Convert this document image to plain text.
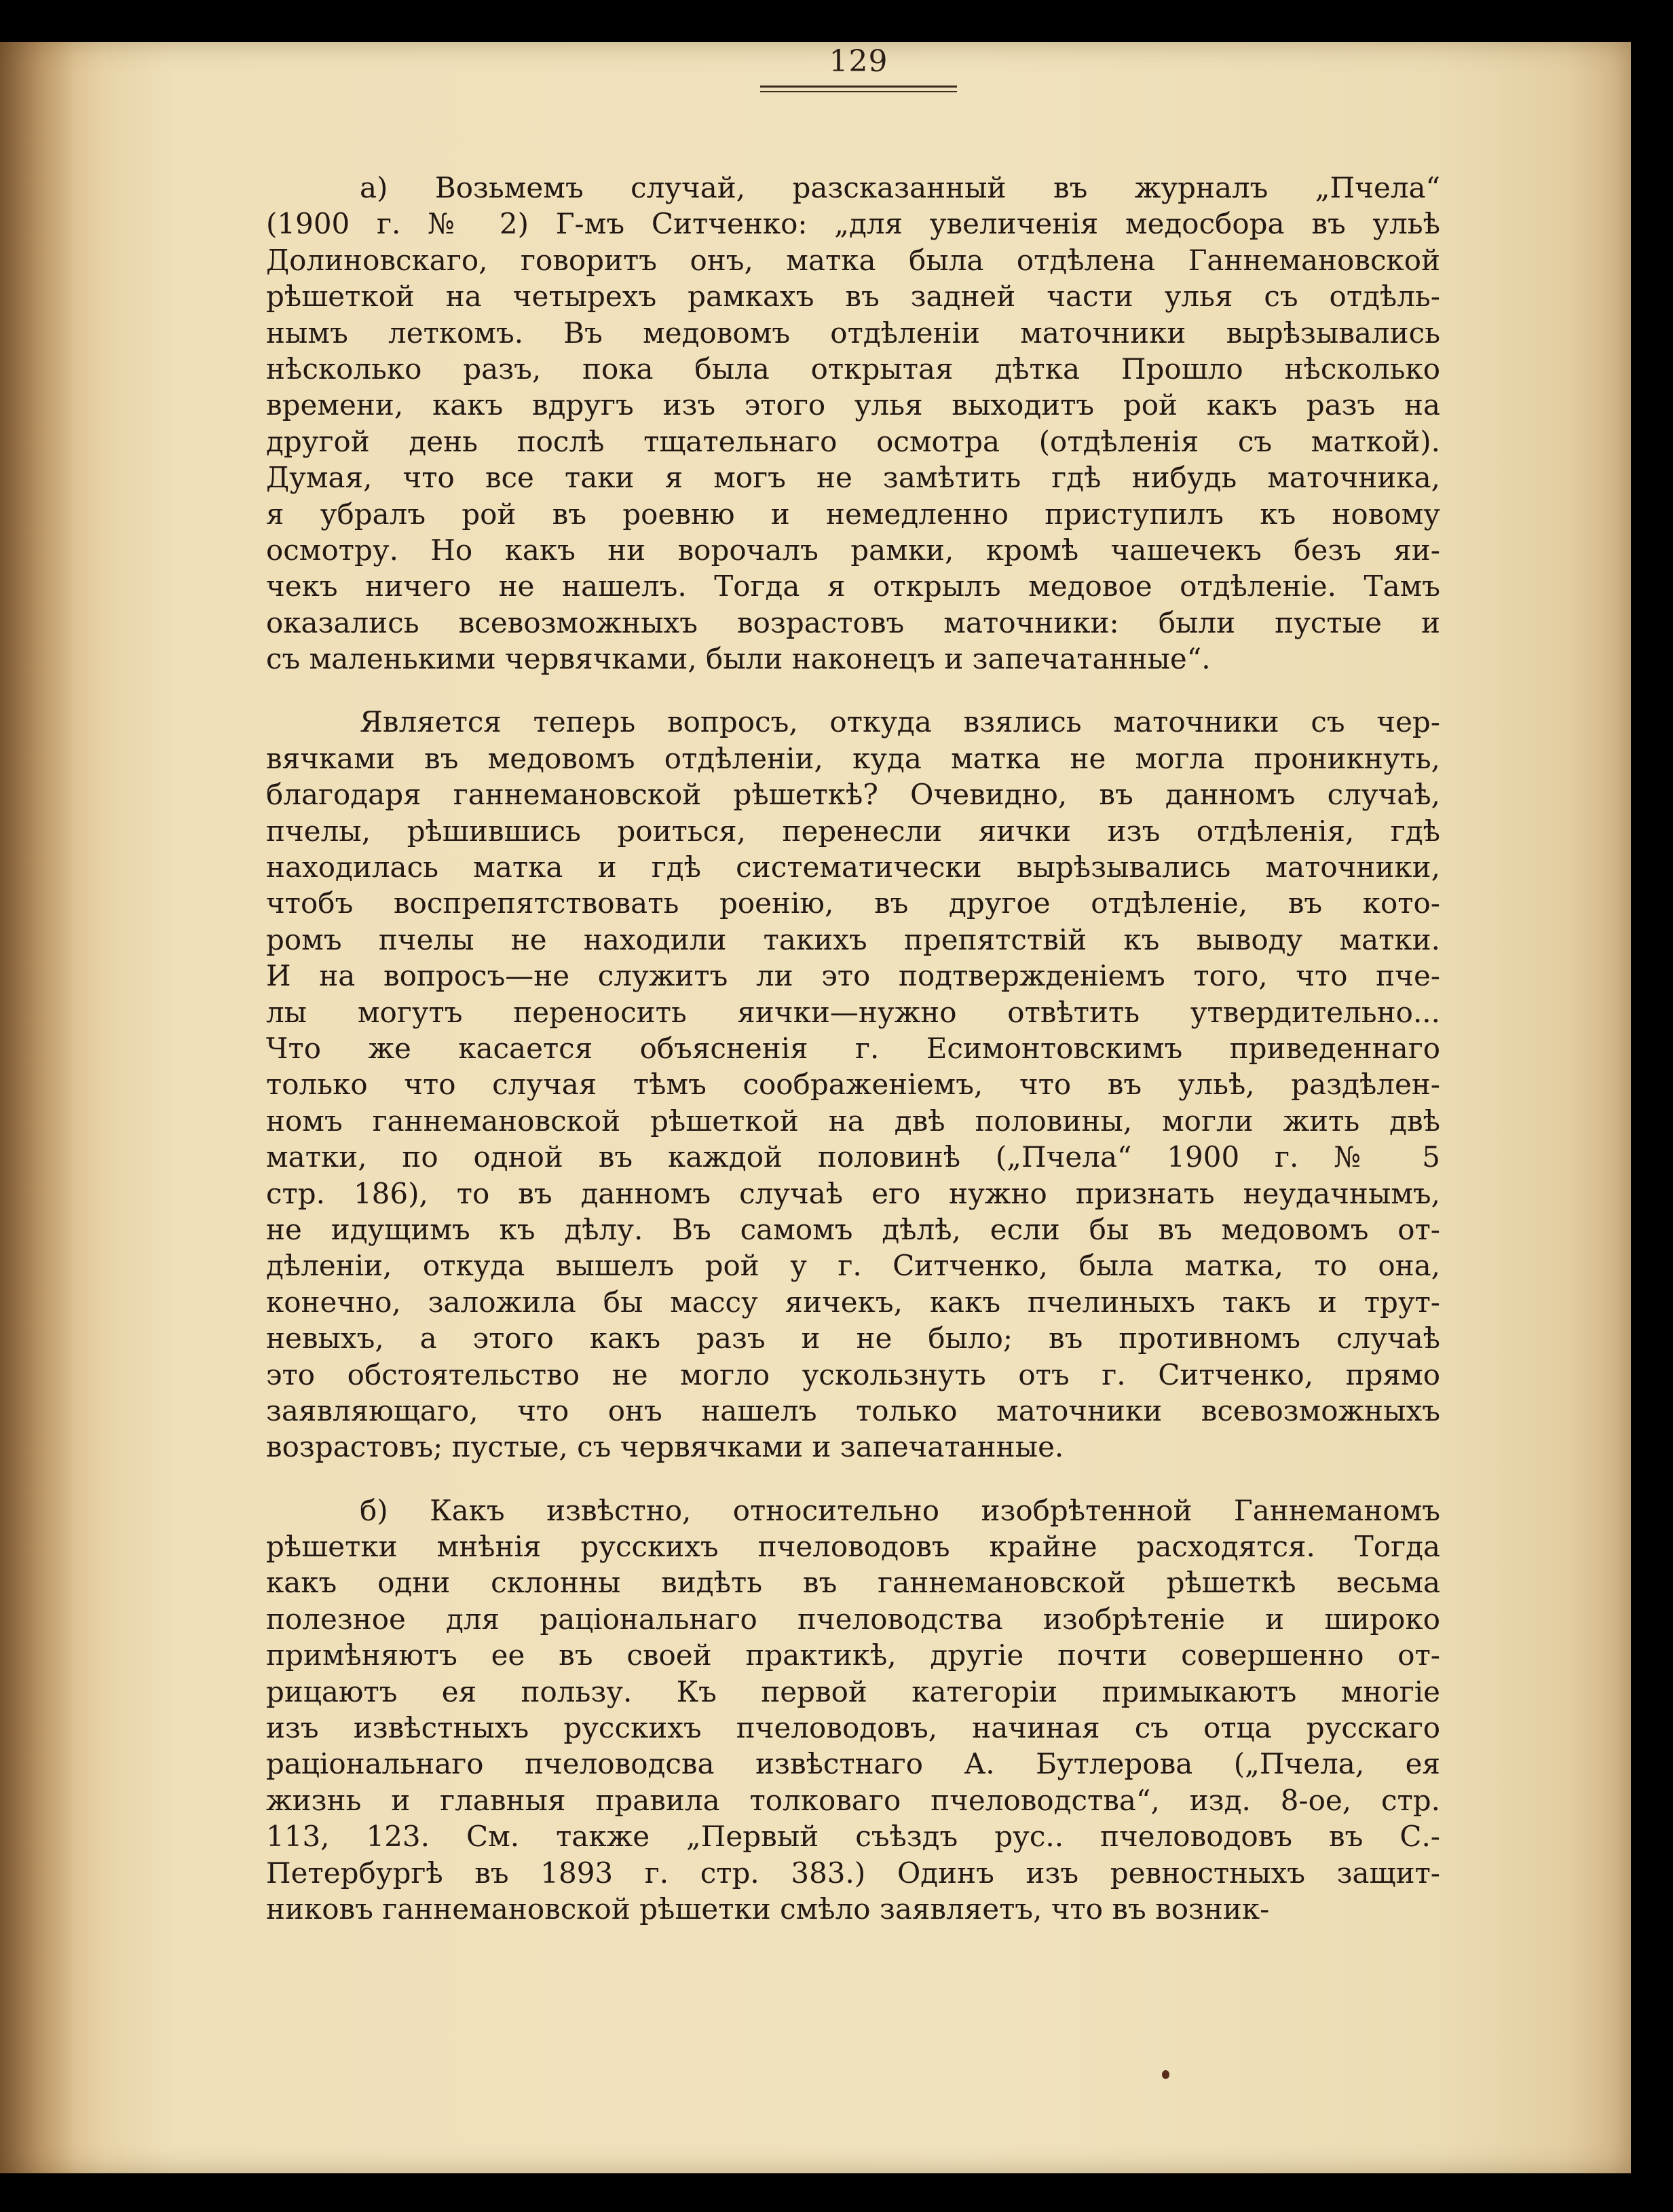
129
а) Возьмемъ случай, разсказанный въ журналъ „Пчела“
(1900 г. № 2) Г-мъ Ситченко: „для увеличенія медосбора въ ульѣ
Долиновскаго, говоритъ онъ, матка была отдѣлена Ганнемановской
рѣшеткой на четырехъ рамкахъ въ задней части улья съ отдѣль-
нымъ леткомъ. Въ медовомъ отдѣленіи маточники вырѣзывались
нѣсколько разъ, пока была открытая дѣтка Прошло нѣсколько
времени, какъ вдругъ изъ этого улья выходитъ рой какъ разъ на
другой день послѣ тщательнаго осмотра (отдѣленія съ маткой).
Думая, что все таки я могъ не замѣтить гдѣ нибудь маточника,
я убралъ рой въ роевню и немедленно приступилъ къ новому
осмотру. Но какъ ни ворочалъ рамки, кромѣ чашечекъ безъ яи-
чекъ ничего не нашелъ. Тогда я открылъ медовое отдѣленіе. Тамъ
оказались всевозможныхъ возрастовъ маточники: были пустые и
съ маленькими червячками, были наконецъ и запечатанные“.
Является теперь вопросъ, откуда взялись маточники съ чер-
вячками въ медовомъ отдѣленіи, куда матка не могла проникнуть,
благодаря ганнемановской рѣшеткѣ? Очевидно, въ данномъ случаѣ,
пчелы, рѣшившись роиться, перенесли яички изъ отдѣленія, гдѣ
находилась матка и гдѣ систематически вырѣзывались маточники,
чтобъ воспрепятствовать роенію, въ другое отдѣленіе, въ кото-
ромъ пчелы не находили такихъ препятствій къ выводу матки.
И на вопросъ—не служитъ ли это подтвержденіемъ того, что пче-
лы могутъ переносить яички—нужно отвѣтить утвердительно...
Что же касается объясненія г. Есимонтовскимъ приведеннаго
только что случая тѣмъ соображеніемъ, что въ ульѣ, раздѣлен-
номъ ганнемановской рѣшеткой на двѣ половины, могли жить двѣ
матки, по одной въ каждой половинѣ („Пчела“ 1900 г. № 5
стр. 186), то въ данномъ случаѣ его нужно признать неудачнымъ,
не идущимъ къ дѣлу. Въ самомъ дѣлѣ, если бы въ медовомъ от-
дѣленіи, откуда вышелъ рой у г. Ситченко, была матка, то она,
конечно, заложила бы массу яичекъ, какъ пчелиныхъ такъ и трут-
невыхъ, а этого какъ разъ и не было; въ противномъ случаѣ
это обстоятельство не могло ускользнуть отъ г. Ситченко, прямо
заявляющаго, что онъ нашелъ только маточники всевозможныхъ
возрастовъ; пустые, съ червячками и запечатанные.
б) Какъ извѣстно, относительно изобрѣтенной Ганнеманомъ
рѣшетки мнѣнія русскихъ пчеловодовъ крайне расходятся. Тогда
какъ одни склонны видѣть въ ганнемановской рѣшеткѣ весьма
полезное для раціональнаго пчеловодства изобрѣтеніе и широко
примѣняютъ ее въ своей практикѣ, другіе почти совершенно от-
рицаютъ ея пользу. Къ первой категоріи примыкаютъ многіе
изъ извѣстныхъ русскихъ пчеловодовъ, начиная съ отца русскаго
раціональнаго пчеловодсва извѣстнаго А. Бутлерова („Пчела, ея
жизнь и главныя правила толковаго пчеловодства“, изд. 8-ое, стр.
113, 123. См. также „Первый съѣздъ рус.. пчеловодовъ въ С.-
Петербургѣ въ 1893 г. стр. 383.) Одинъ изъ ревностныхъ защит-
никовъ ганнемановской рѣшетки смѣло заявляетъ, что въ возник-
